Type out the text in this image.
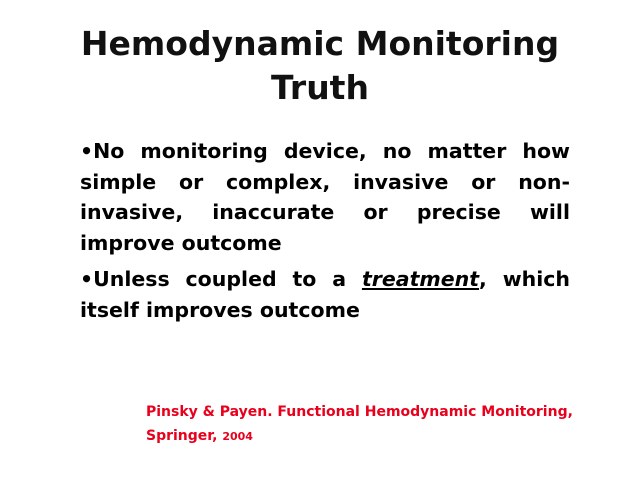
Hemodynamic Monitoring
Truth

•No monitoring device, no matter how simple or complex, invasive or non-invasive, inaccurate or precise will improve outcome

•Unless coupled to a treatment, which itself improves outcome

Pinsky & Payen. Functional Hemodynamic Monitoring,
Springer, 2004
